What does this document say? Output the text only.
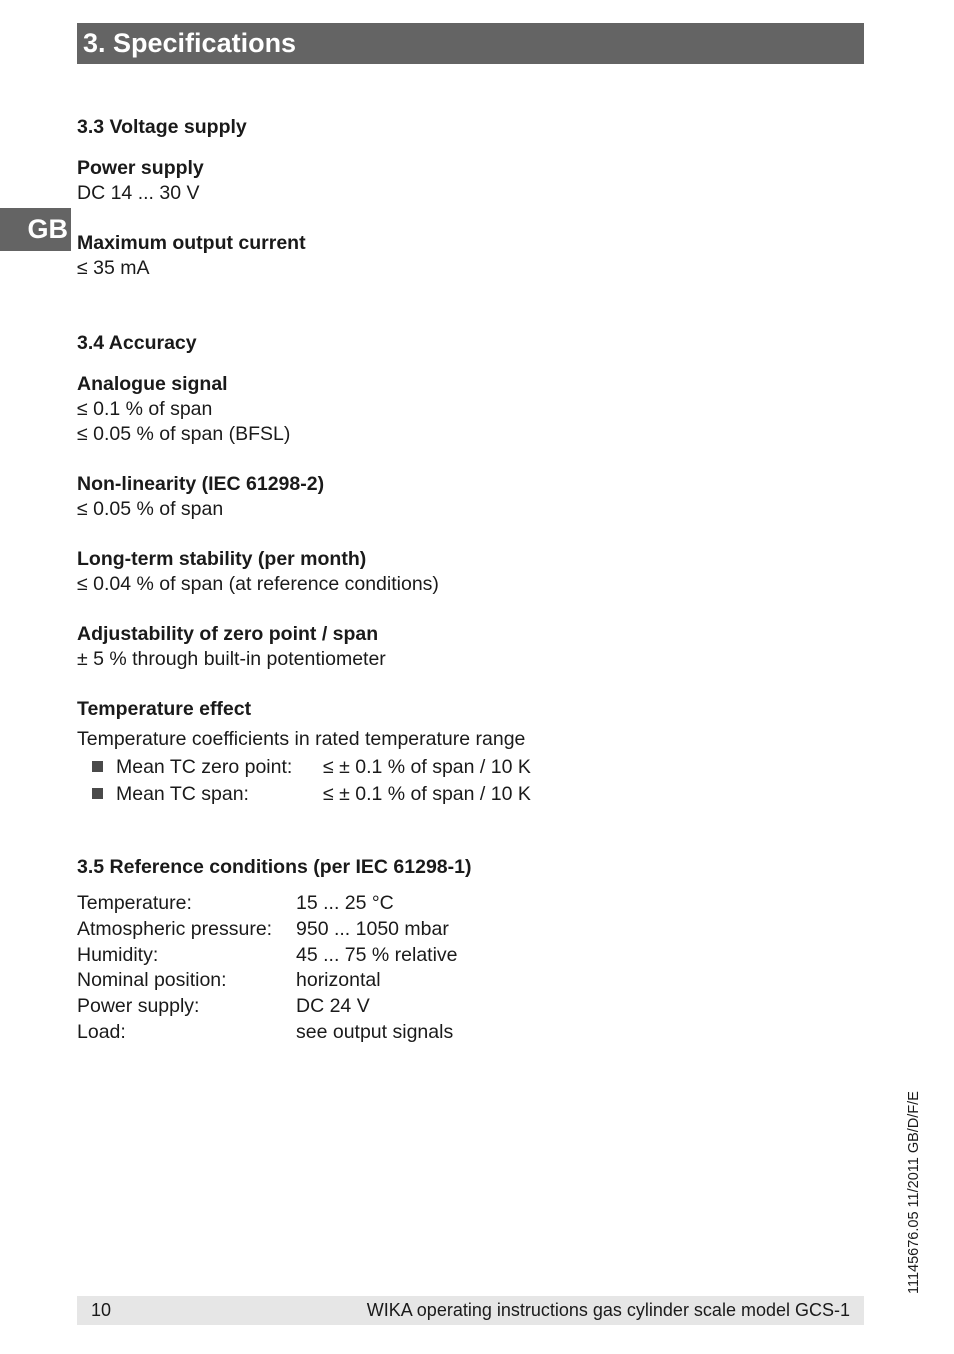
3. Specifications
GB

3.3 Voltage supply

Power supply

DC 14 ... 30 V

Maximum output current

≤ 35 mA

3.4 Accuracy

Analogue signal

≤ 0.1 % of span

≤ 0.05 % of span (BFSL)

Non-linearity (IEC 61298-2)

≤ 0.05 % of span

Long-term stability (per month)

≤ 0.04 % of span (at reference conditions)

Adjustability of zero point / span

± 5 % through built-in potentiometer

Temperature effect

Temperature coefficients in rated temperature range

Mean TC zero point: ≤ ± 0.1 % of span / 10 K
Mean TC span:	≤ ± 0.1 % of span / 10 K

3.5 Reference conditions (per IEC 61298-1)

Temperature:	15 ... 25 °C
Atmospheric pressure: 950 ... 1050 mbar
Humidity:	45 ... 75 % relative
Nominal position:	horizontal
Power supply:	DC 24 V
Load:	see output signals
11145676.05 11/2011 GB/D/F/E
10	WIKA operating instructions gas cylinder scale model GCS-1
